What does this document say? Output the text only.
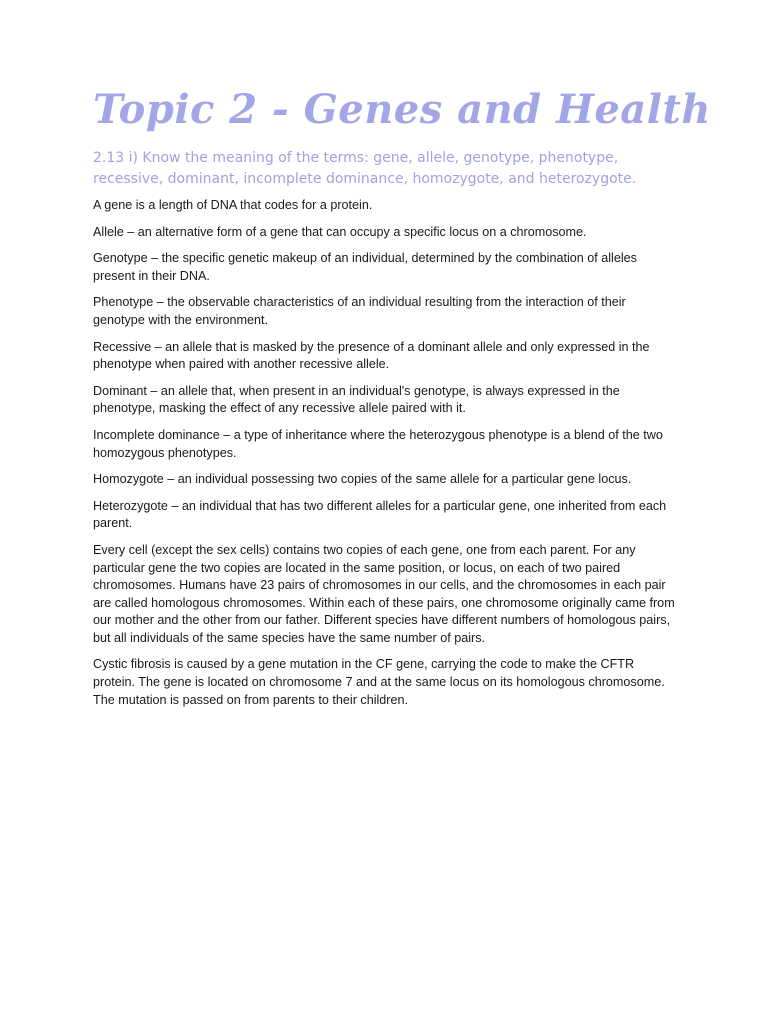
Topic 2 - Genes and Health

2.13 i) Know the meaning of the terms: gene, allele, genotype, phenotype, recessive, dominant, incomplete dominance, homozygote, and heterozygote.

A gene is a length of DNA that codes for a protein.

Allele – an alternative form of a gene that can occupy a specific locus on a chromosome.

Genotype – the specific genetic makeup of an individual, determined by the combination of alleles present in their DNA.

Phenotype – the observable characteristics of an individual resulting from the interaction of their genotype with the environment.

Recessive – an allele that is masked by the presence of a dominant allele and only expressed in the phenotype when paired with another recessive allele.

Dominant – an allele that, when present in an individual's genotype, is always expressed in the phenotype, masking the effect of any recessive allele paired with it.

Incomplete dominance – a type of inheritance where the heterozygous phenotype is a blend of the two homozygous phenotypes.

Homozygote – an individual possessing two copies of the same allele for a particular gene locus.

Heterozygote – an individual that has two different alleles for a particular gene, one inherited from each parent.

Every cell (except the sex cells) contains two copies of each gene, one from each parent. For any particular gene the two copies are located in the same position, or locus, on each of two paired chromosomes. Humans have 23 pairs of chromosomes in our cells, and the chromosomes in each pair are called homologous chromosomes. Within each of these pairs, one chromosome originally came from our mother and the other from our father. Different species have different numbers of homologous pairs, but all individuals of the same species have the same number of pairs.

Cystic fibrosis is caused by a gene mutation in the CF gene, carrying the code to make the CFTR protein. The gene is located on chromosome 7 and at the same locus on its homologous chromosome. The mutation is passed on from parents to their children.
